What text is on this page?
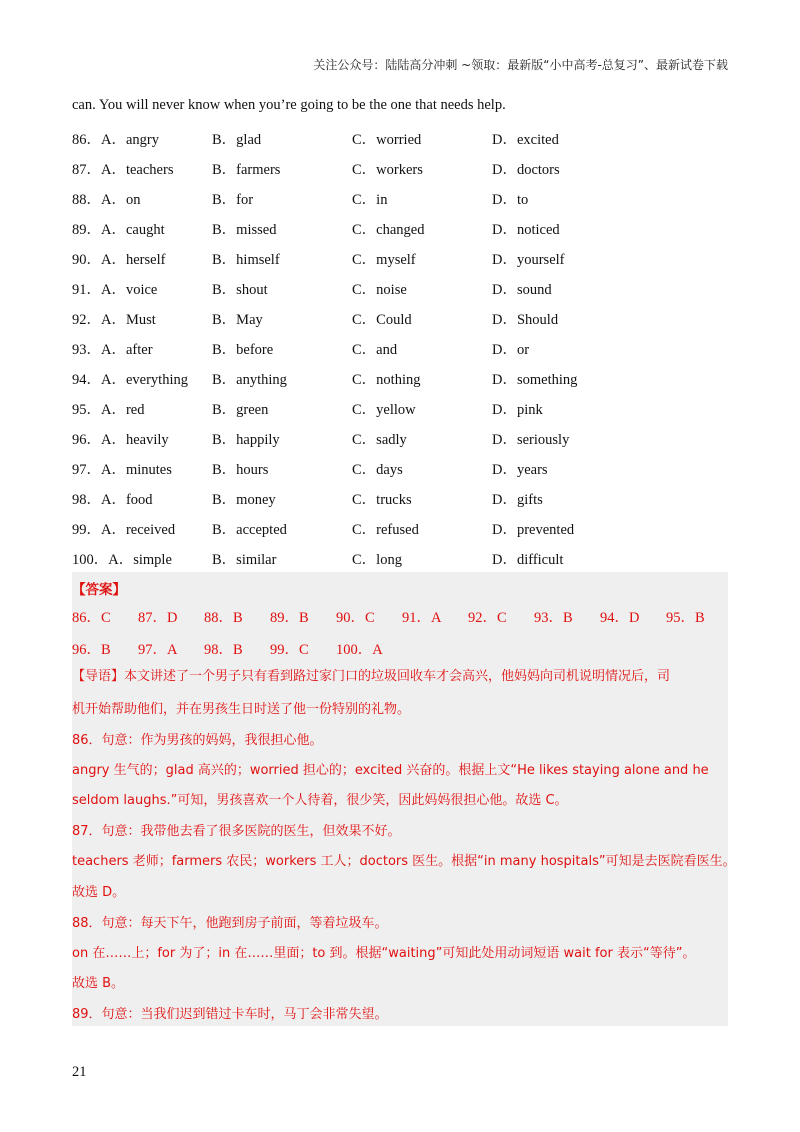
关注公众号：陆陆高分冲刺 ~领取：最新版“小中高考-总复习”、最新试卷下载
can. You will never know when you’re going to be the one that needs help.
86．A．angry	B．glad	C．worried	D．excited
87．A．teachers	B．farmers	C．workers	D．doctors
88．A．on	B．for	C．in	D．to
89．A．caught	B．missed	C．changed	D．noticed
90．A．herself	B．himself	C．myself	D．yourself
91．A．voice	B．shout	C．noise	D．sound
92．A．Must	B．May	C．Could	D．Should
93．A．after	B．before	C．and	D．or
94．A．everything B．anything	C．nothing	D．something
95．A．red	B．green	C．yellow	D．pink
96．A．heavily	B．happily	C．sadly	D．seriously
97．A．minutes	B．hours	C．days	D．years
98．A．food	B．money	C．trucks	D．gifts
99．A．received	B．accepted	C．refused	D．prevented
100．A．simple	B．similar	C．long	D．difficult
【答案】
86．C 87．D 88．B 89．B 90．C 91．A 92．C 93．B 94．D 95．B
96．B 97．A 98．B 99．C 100．A
【导语】本文讲述了一个男子只有看到路过家门口的垃圾回收车才会高兴，他妈妈向司机说明情况后，司
机开始帮助他们，并在男孩生日时送了他一份特别的礼物。
86．句意：作为男孩的妈妈，我很担心他。
angry 生气的；glad 高兴的；worried 担心的；excited 兴奋的。根据上文“He likes staying alone and he
seldom laughs.”可知，男孩喜欢一个人待着，很少笑，因此妈妈很担心他。故选 C。
87．句意：我带他去看了很多医院的医生，但效果不好。
teachers 老师；farmers 农民；workers 工人；doctors 医生。根据“in many hospitals”可知是去医院看医生。
故选 D。
88．句意：每天下午，他跑到房子前面，等着垃圾车。
on 在……上；for 为了；in 在……里面；to 到。根据“waiting”可知此处用动词短语 wait for 表示“等待”。
故选 B。
89．句意：当我们迟到错过卡车时，马丁会非常失望。
21
